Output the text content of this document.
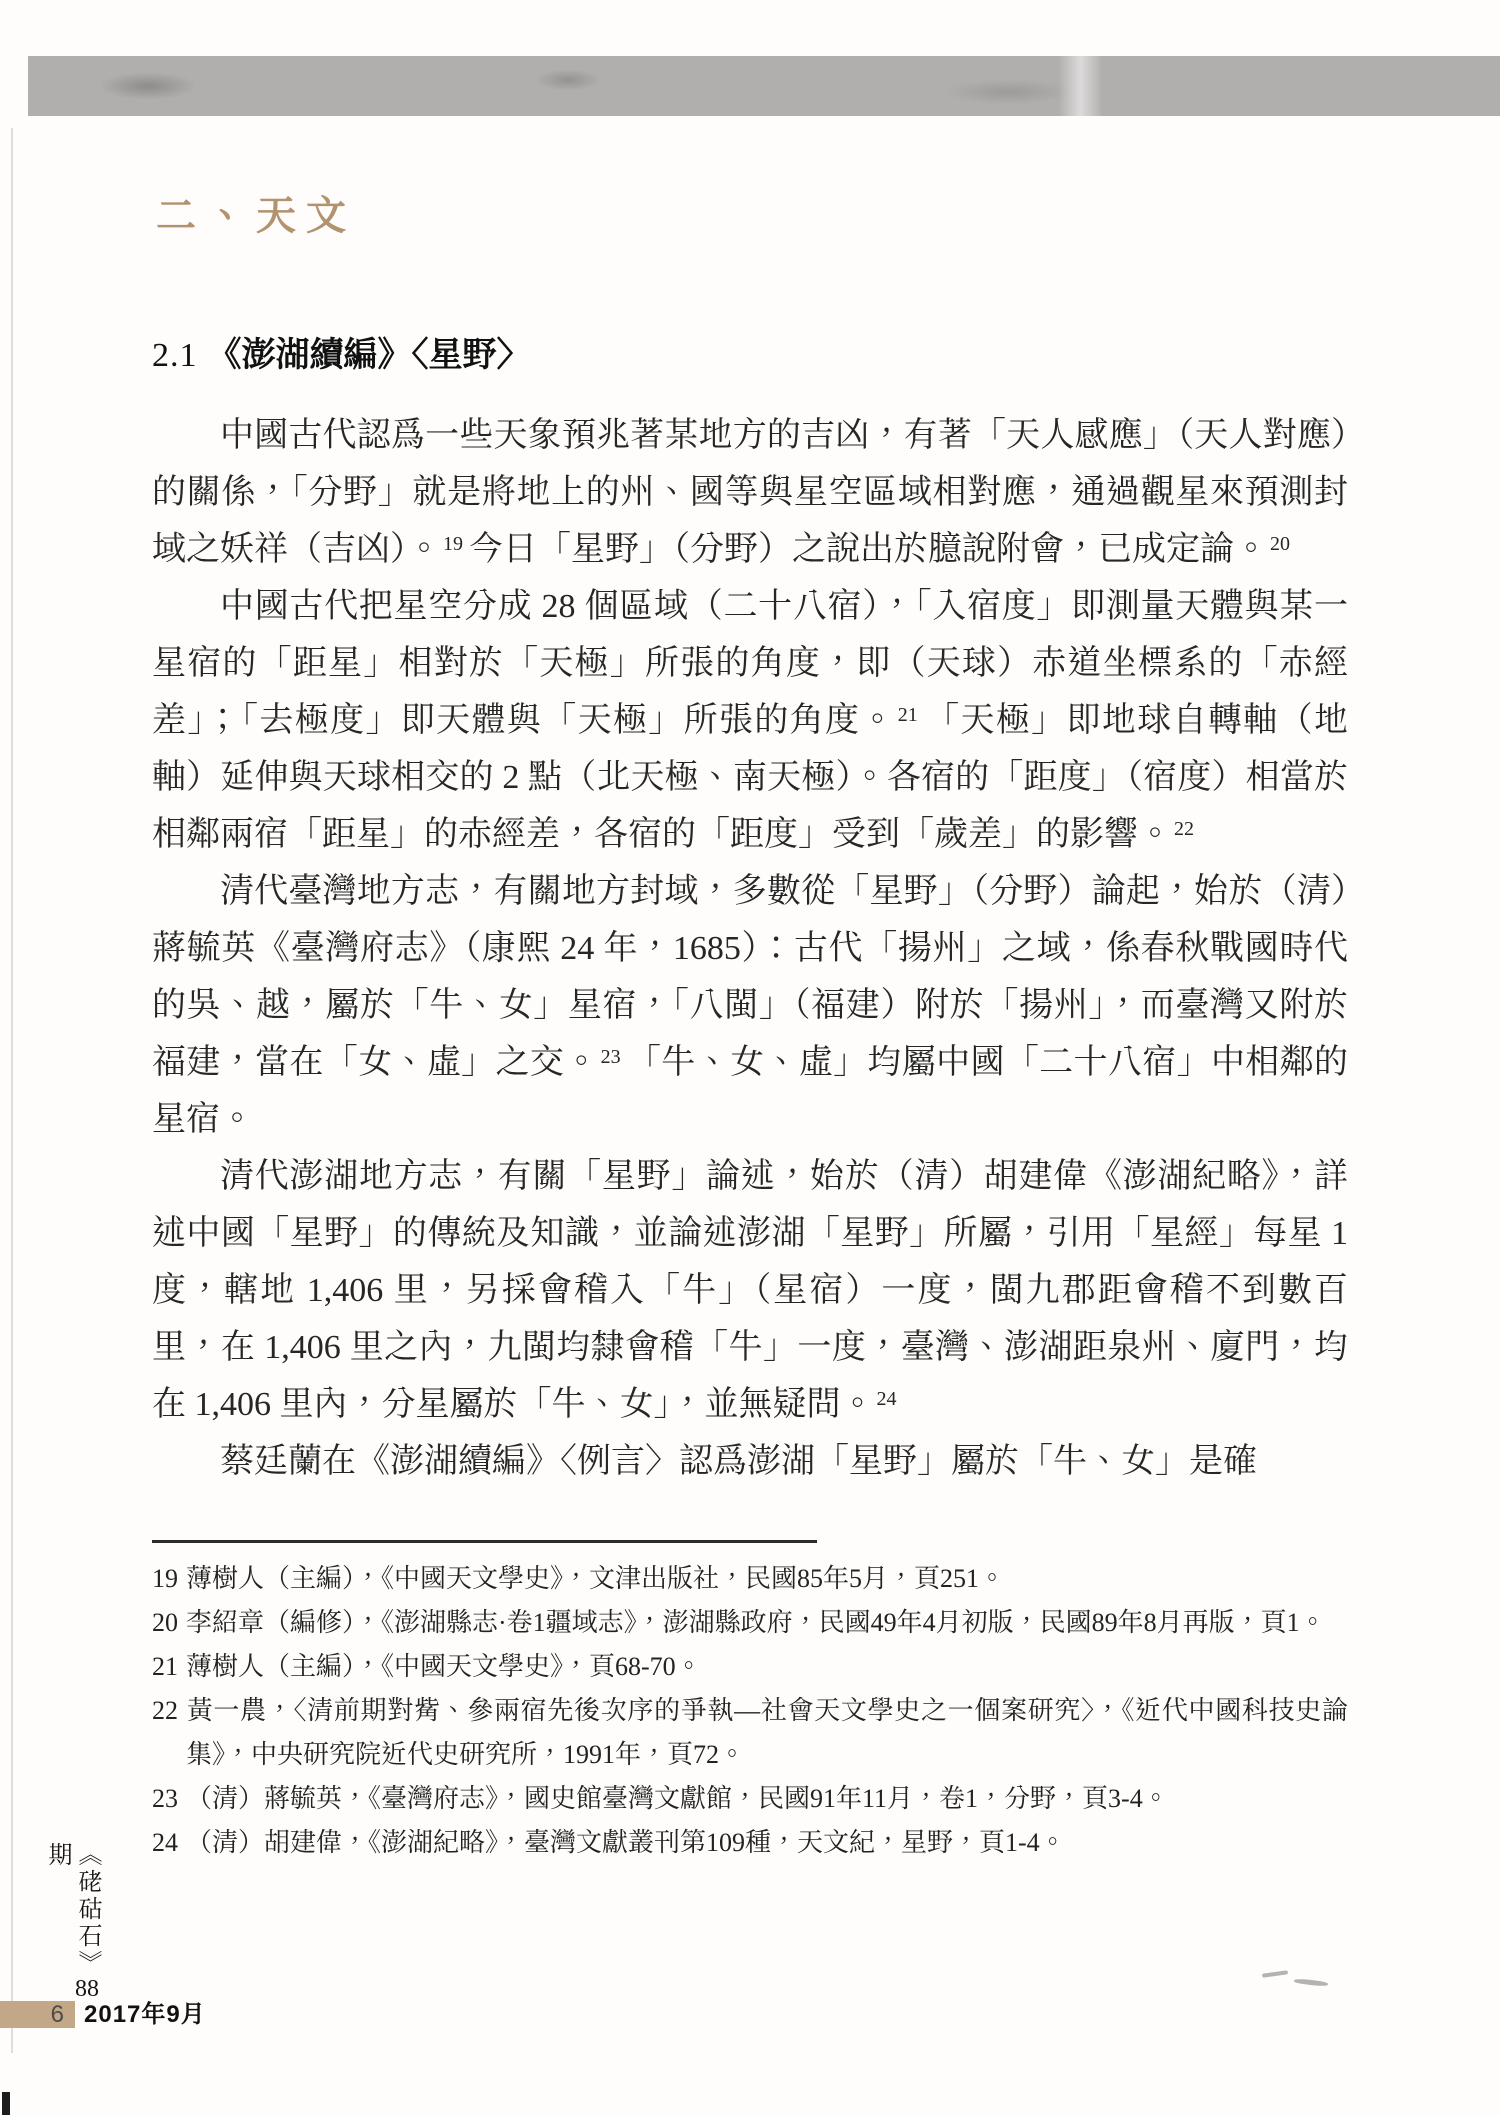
二、天文
2.1 《澎湖續編》〈星野〉

中國古代認爲一些天象預兆著某地方的吉凶，有著「天人感應」（天人對應）的關係，「分野」就是將地上的州、國等與星空區域相對應，通過觀星來預測封域之妖祥（吉凶）。 $^{19}$ 今日「星野」（分野）之說出於臆說附會，已成定論。 $^{20}$

中國古代把星空分成 28 個區域（二十八宿），「入宿度」即測量天體與某一星宿的「距星」相對於「天極」所張的角度，即（天球）赤道坐標系的「赤經差」；「去極度」即天體與「天極」所張的角度。 $^{21}$ 「天極」即地球自轉軸（地軸）延伸與天球相交的 2 點（北天極、南天極）。各宿的「距度」（宿度）相當於相鄰兩宿「距星」的赤經差，各宿的「距度」受到「歲差」的影響。 $^{22}$

清代臺灣地方志，有關地方封域，多數從「星野」（分野）論起，始於（清）蔣毓英《臺灣府志》（康熙 24 年，1685）：古代「揚州」之域，係春秋戰國時代的吳、越，屬於「牛、女」星宿，「八閩」（福建）附於「揚州」，而臺灣又附於福建，當在「女、虛」之交。 $^{23}$ 「牛、女、虛」均屬中國「二十八宿」中相鄰的星宿。

清代澎湖地方志，有關「星野」論述，始於（清）胡建偉《澎湖紀略》，詳述中國「星野」的傳統及知識，並論述澎湖「星野」所屬，引用「星經」每星 1 度，轄地 1,406 里，另採會稽入「牛」（星宿）一度，閩九郡距會稽不到數百里，在 1,406 里之內，九閩均隸會稽「牛」一度，臺灣、澎湖距泉州、廈門，均在 1,406 里內，分星屬於「牛、女」，並無疑問。 $^{24}$

蔡廷蘭在《澎湖續編》〈例言〉認爲澎湖「星野」屬於「牛、女」是確

19 薄樹人（主編），《中國天文學史》，文津出版社，民國85年5月，頁251。

20 李紹章（編修），《澎湖縣志·卷1疆域志》，澎湖縣政府，民國49年4月初版，民國89年8月再版，頁1。

21 薄樹人（主編），《中國天文學史》，頁68-70。

22 黃一農，〈清前期對觜、參兩宿先後次序的爭執—社會天文學史之一個案研究〉，《近代中國科技史論集》，中央研究院近代史研究所，1991年，頁72。

23 （清）蔣毓英，《臺灣府志》，國史館臺灣文獻館，民國91年11月，卷1，分野，頁3-4。

24 （清）胡建偉，《澎湖紀略》，臺灣文獻叢刊第109種，天文紀，星野，頁1-4。

《硓𥑮石》88期
6 2017年9月
